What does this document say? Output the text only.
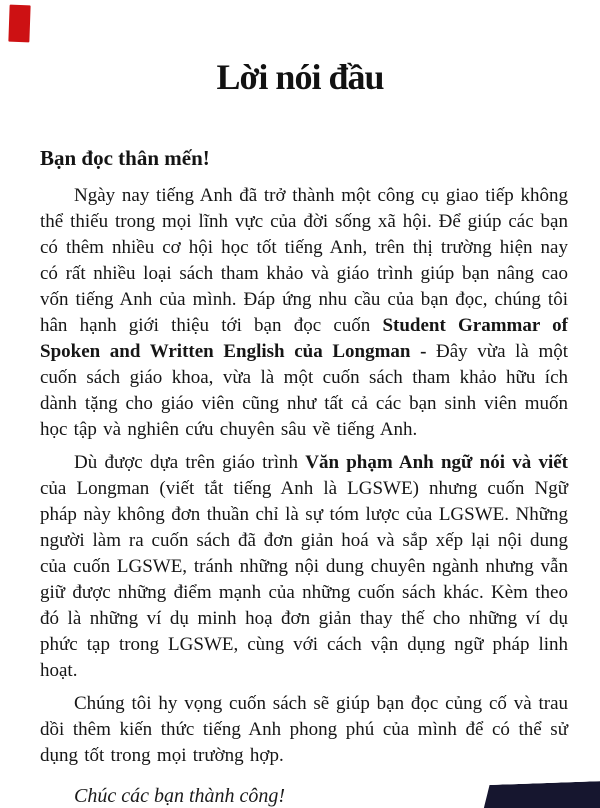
Lời nói đầu

Bạn đọc thân mến!

Ngày nay tiếng Anh đã trở thành một công cụ giao tiếp không thể thiếu trong mọi lĩnh vực của đời sống xã hội. Để giúp các bạn có thêm nhiều cơ hội học tốt tiếng Anh, trên thị trường hiện nay có rất nhiều loại sách tham khảo và giáo trình giúp bạn nâng cao vốn tiếng Anh của mình. Đáp ứng nhu cầu của bạn đọc, chúng tôi hân hạnh giới thiệu tới bạn đọc cuốn Student Grammar of Spoken and Written English của Longman - Đây vừa là một cuốn sách giáo khoa, vừa là một cuốn sách tham khảo hữu ích dành tặng cho giáo viên cũng như tất cả các bạn sinh viên muốn học tập và nghiên cứu chuyên sâu về tiếng Anh.

Dù được dựa trên giáo trình Văn phạm Anh ngữ nói và viết của Longman (viết tắt tiếng Anh là LGSWE) nhưng cuốn Ngữ pháp này không đơn thuần chỉ là sự tóm lược của LGSWE. Những người làm ra cuốn sách đã đơn giản hoá và sắp xếp lại nội dung của cuốn LGSWE, tránh những nội dung chuyên ngành nhưng vẫn giữ được những điểm mạnh của những cuốn sách khác. Kèm theo đó là những ví dụ minh hoạ đơn giản thay thế cho những ví dụ phức tạp trong LGSWE, cùng với cách vận dụng ngữ pháp linh hoạt.

Chúng tôi hy vọng cuốn sách sẽ giúp bạn đọc củng cố và trau dồi thêm kiến thức tiếng Anh phong phú của mình để có thể sử dụng tốt trong mọi trường hợp.

Chúc các bạn thành công!
